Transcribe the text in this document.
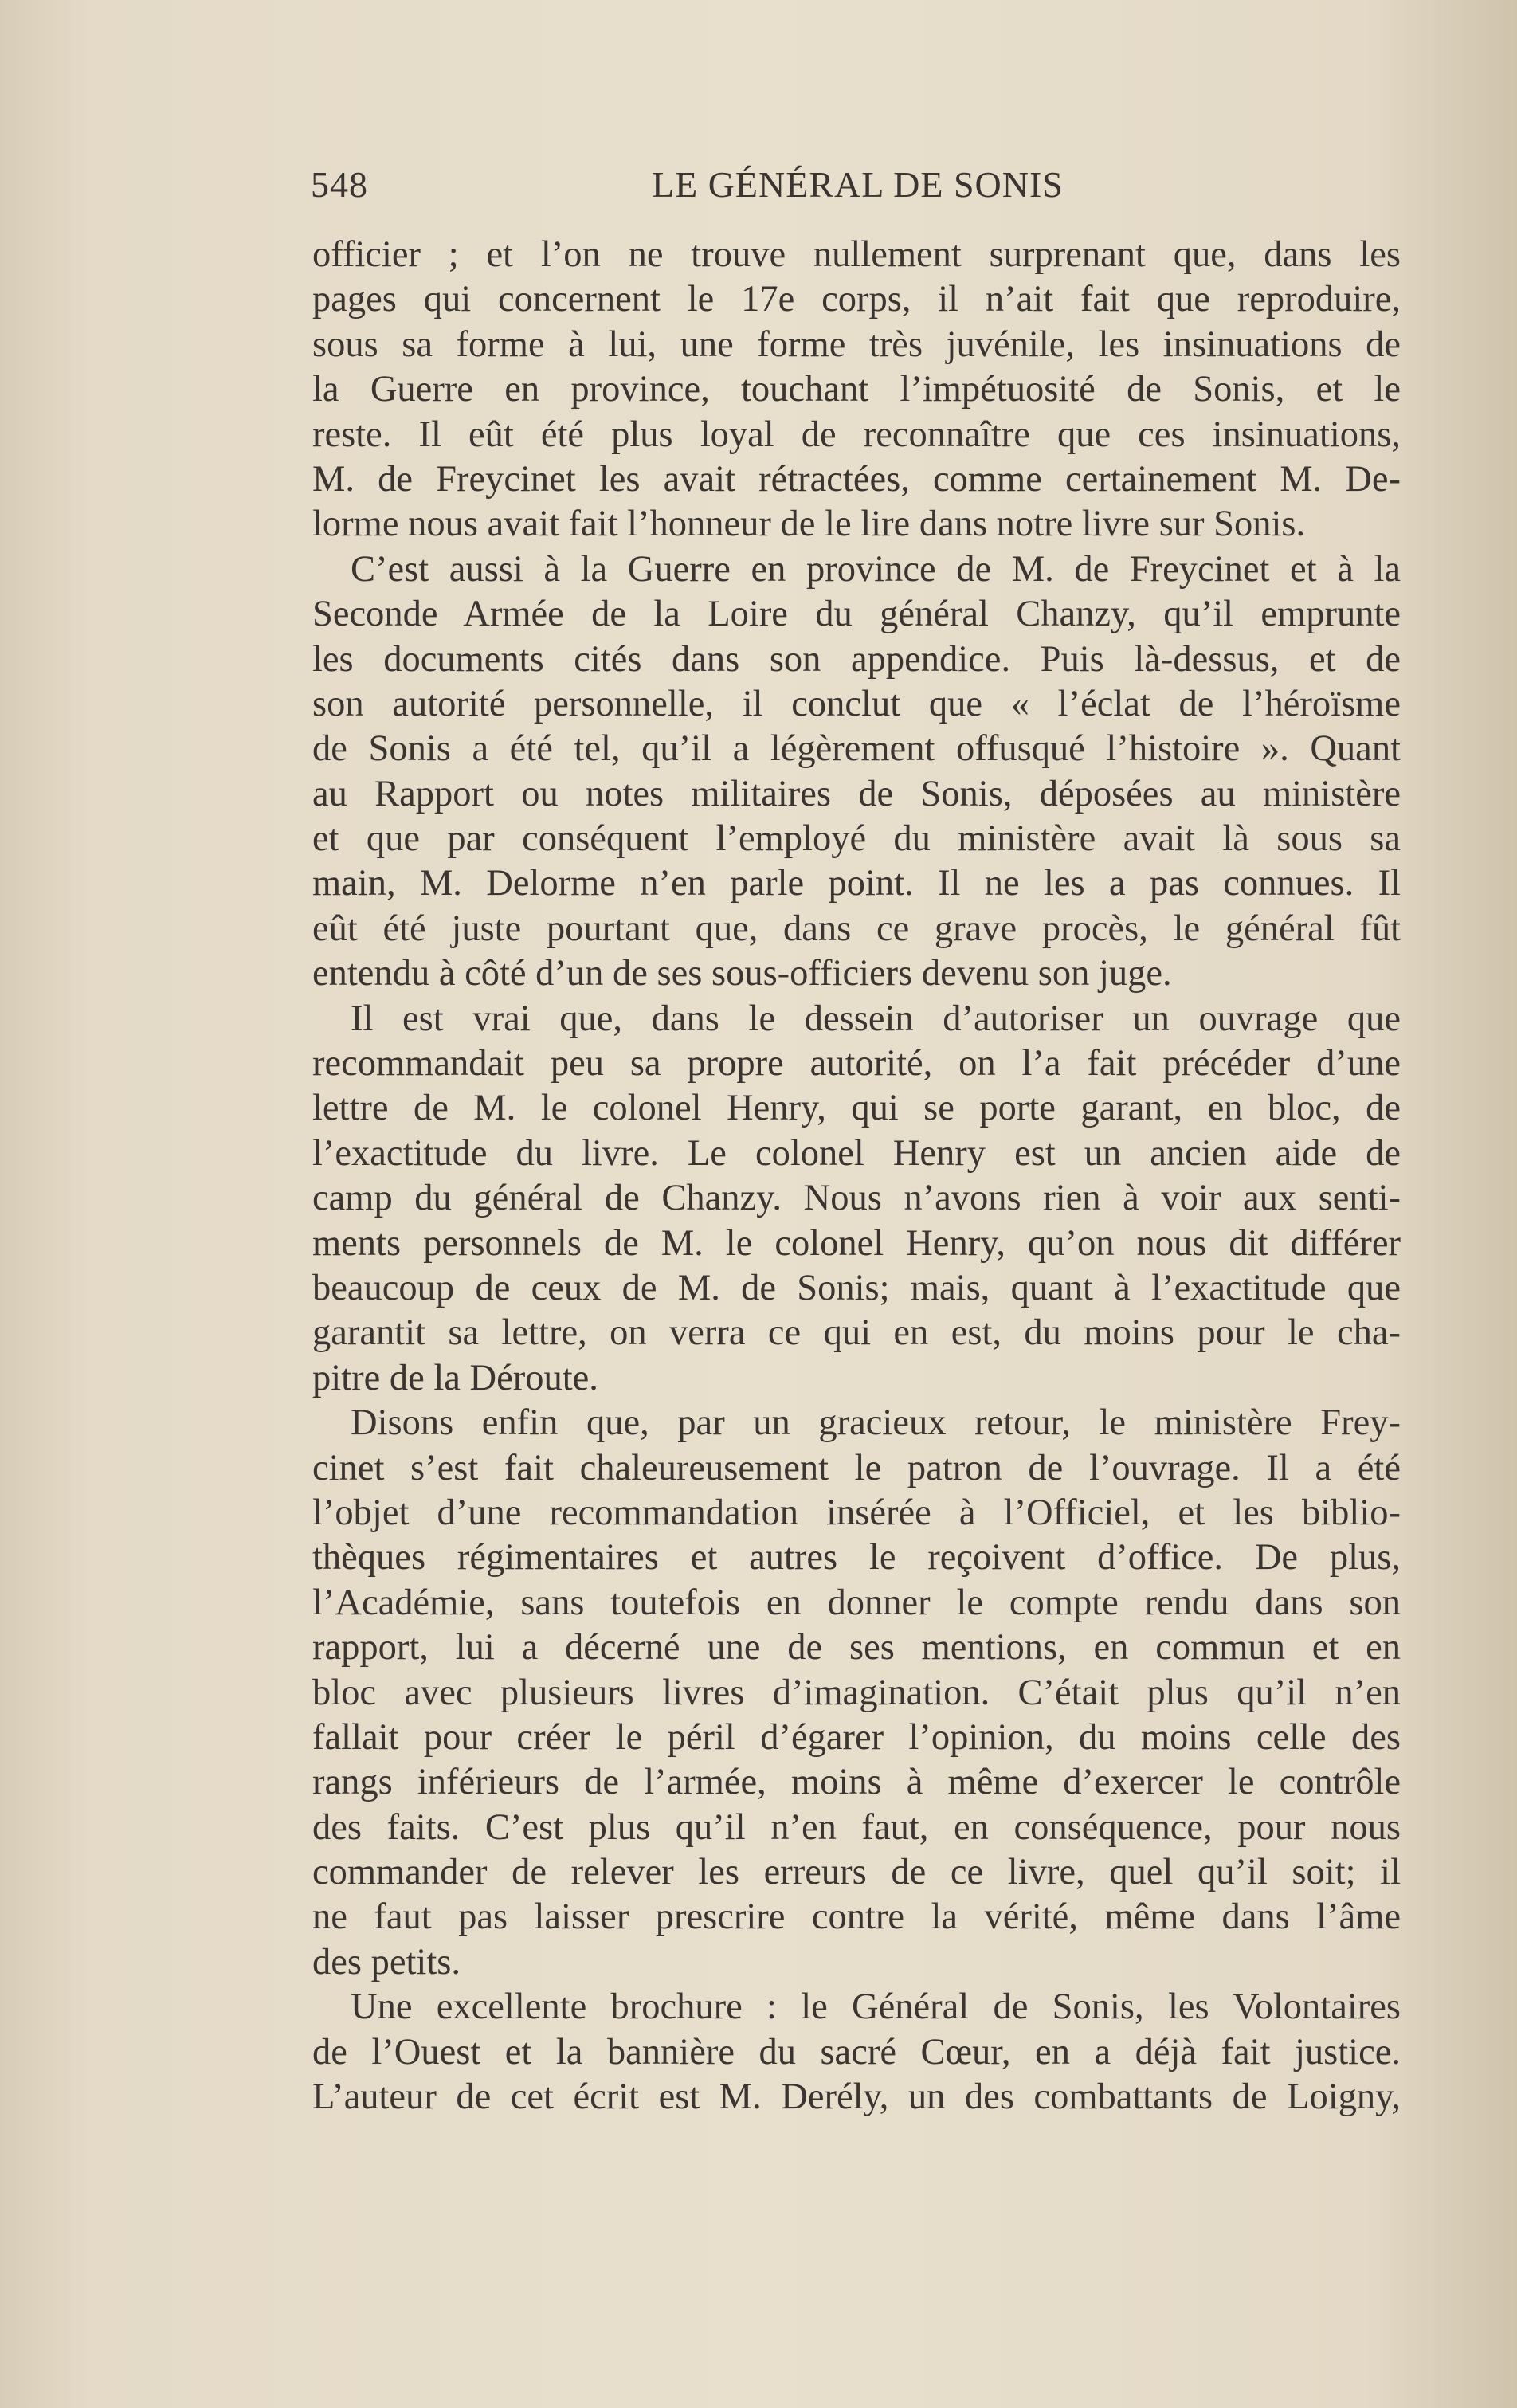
548	LE GÉNÉRAL DE SONIS
officier ; et l’on ne trouve nullement surprenant que, dans les
pages qui concernent le 17e corps, il n’ait fait que reproduire,
sous sa forme à lui, une forme très juvénile, les insinuations de
la Guerre en province, touchant l’impétuosité de Sonis, et le
reste. Il eût été plus loyal de reconnaître que ces insinuations,
M. de Freycinet les avait rétractées, comme certainement M. De-
lorme nous avait fait l’honneur de le lire dans notre livre sur Sonis.
C’est aussi à la Guerre en province de M. de Freycinet et à la
Seconde Armée de la Loire du général Chanzy, qu’il emprunte
les documents cités dans son appendice. Puis là-dessus, et de
son autorité personnelle, il conclut que « l’éclat de l’héroïsme
de Sonis a été tel, qu’il a légèrement offusqué l’histoire ». Quant
au Rapport ou notes militaires de Sonis, déposées au ministère
et que par conséquent l’employé du ministère avait là sous sa
main, M. Delorme n’en parle point. Il ne les a pas connues. Il
eût été juste pourtant que, dans ce grave procès, le général fût
entendu à côté d’un de ses sous-officiers devenu son juge.
Il est vrai que, dans le dessein d’autoriser un ouvrage que
recommandait peu sa propre autorité, on l’a fait précéder d’une
lettre de M. le colonel Henry, qui se porte garant, en bloc, de
l’exactitude du livre. Le colonel Henry est un ancien aide de
camp du général de Chanzy. Nous n’avons rien à voir aux senti-
ments personnels de M. le colonel Henry, qu’on nous dit différer
beaucoup de ceux de M. de Sonis; mais, quant à l’exactitude que
garantit sa lettre, on verra ce qui en est, du moins pour le cha-
pitre de la Déroute.
Disons enfin que, par un gracieux retour, le ministère Frey-
cinet s’est fait chaleureusement le patron de l’ouvrage. Il a été
l’objet d’une recommandation insérée à l’Officiel, et les biblio-
thèques régimentaires et autres le reçoivent d’office. De plus,
l’Académie, sans toutefois en donner le compte rendu dans son
rapport, lui a décerné une de ses mentions, en commun et en
bloc avec plusieurs livres d’imagination. C’était plus qu’il n’en
fallait pour créer le péril d’égarer l’opinion, du moins celle des
rangs inférieurs de l’armée, moins à même d’exercer le contrôle
des faits. C’est plus qu’il n’en faut, en conséquence, pour nous
commander de relever les erreurs de ce livre, quel qu’il soit; il
ne faut pas laisser prescrire contre la vérité, même dans l’âme
des petits.
Une excellente brochure : le Général de Sonis, les Volontaires
de l’Ouest et la bannière du sacré Cœur, en a déjà fait justice.
L’auteur de cet écrit est M. Derély, un des combattants de Loigny,
